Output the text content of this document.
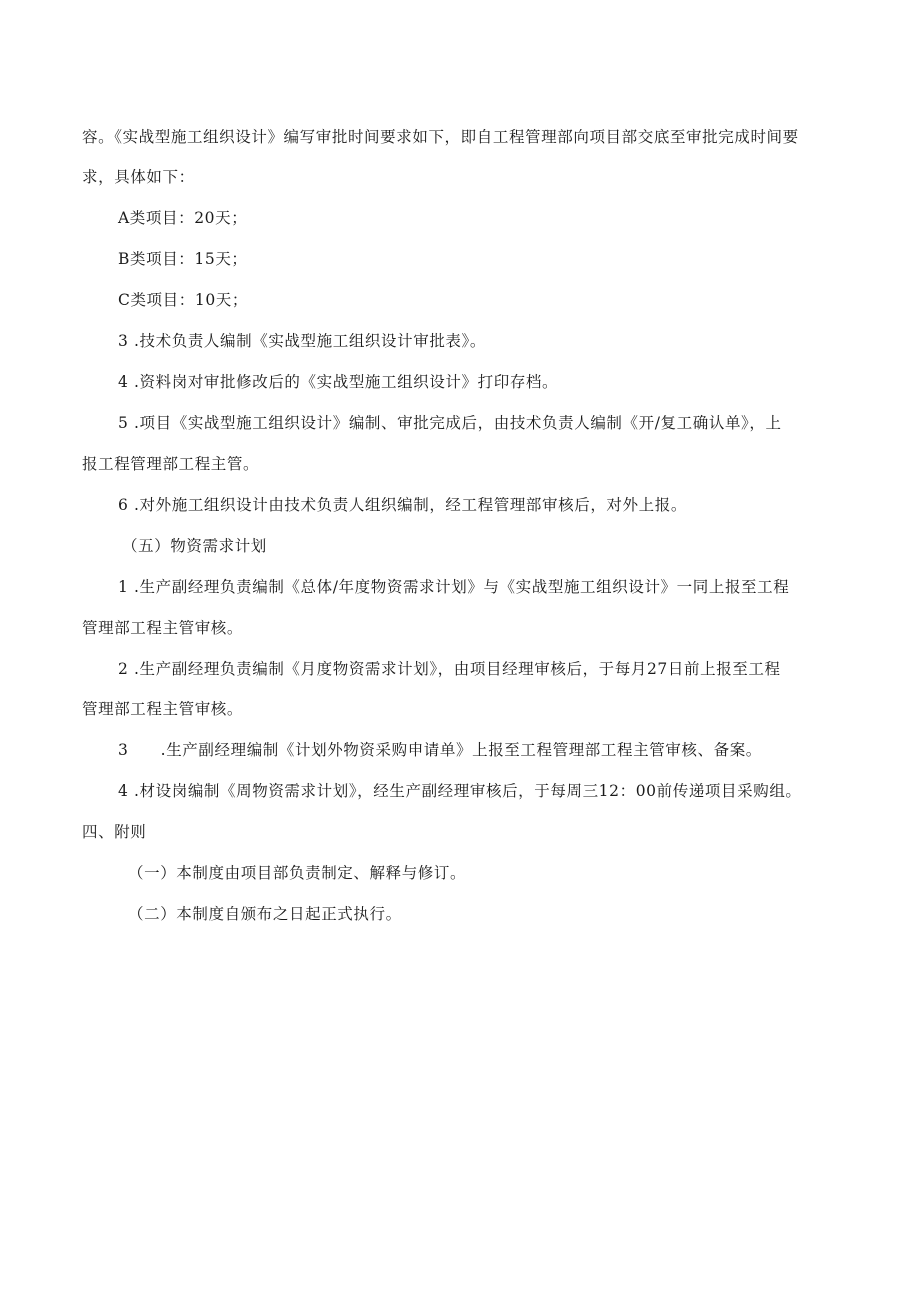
容。《实战型施工组织设计》编写审批时间要求如下，即自工程管理部向项目部交底至审批完成时间要
求，具体如下：
A类项目：20天；
B类项目：15天；
C类项目：10天；
3 .技术负责人编制《实战型施工组织设计审批表》。
4 .资料岗对审批修改后的《实战型施工组织设计》打印存档。
5 .项目《实战型施工组织设计》编制、审批完成后，由技术负责人编制《开/复工确认单》，上
报工程管理部工程主管。
6 .对外施工组织设计由技术负责人组织编制，经工程管理部审核后，对外上报。
（五）物资需求计划
1 .生产副经理负责编制《总体/年度物资需求计划》与《实战型施工组织设计》一同上报至工程
管理部工程主管审核。
2 .生产副经理负责编制《月度物资需求计划》，由项目经理审核后，于每月27日前上报至工程
管理部工程主管审核。
3　　.生产副经理编制《计划外物资采购申请单》上报至工程管理部工程主管审核、备案。
4 .材设岗编制《周物资需求计划》，经生产副经理审核后，于每周三12：00前传递项目采购组。
四、附则
（一）本制度由项目部负责制定、解释与修订。
（二）本制度自颁布之日起正式执行。
